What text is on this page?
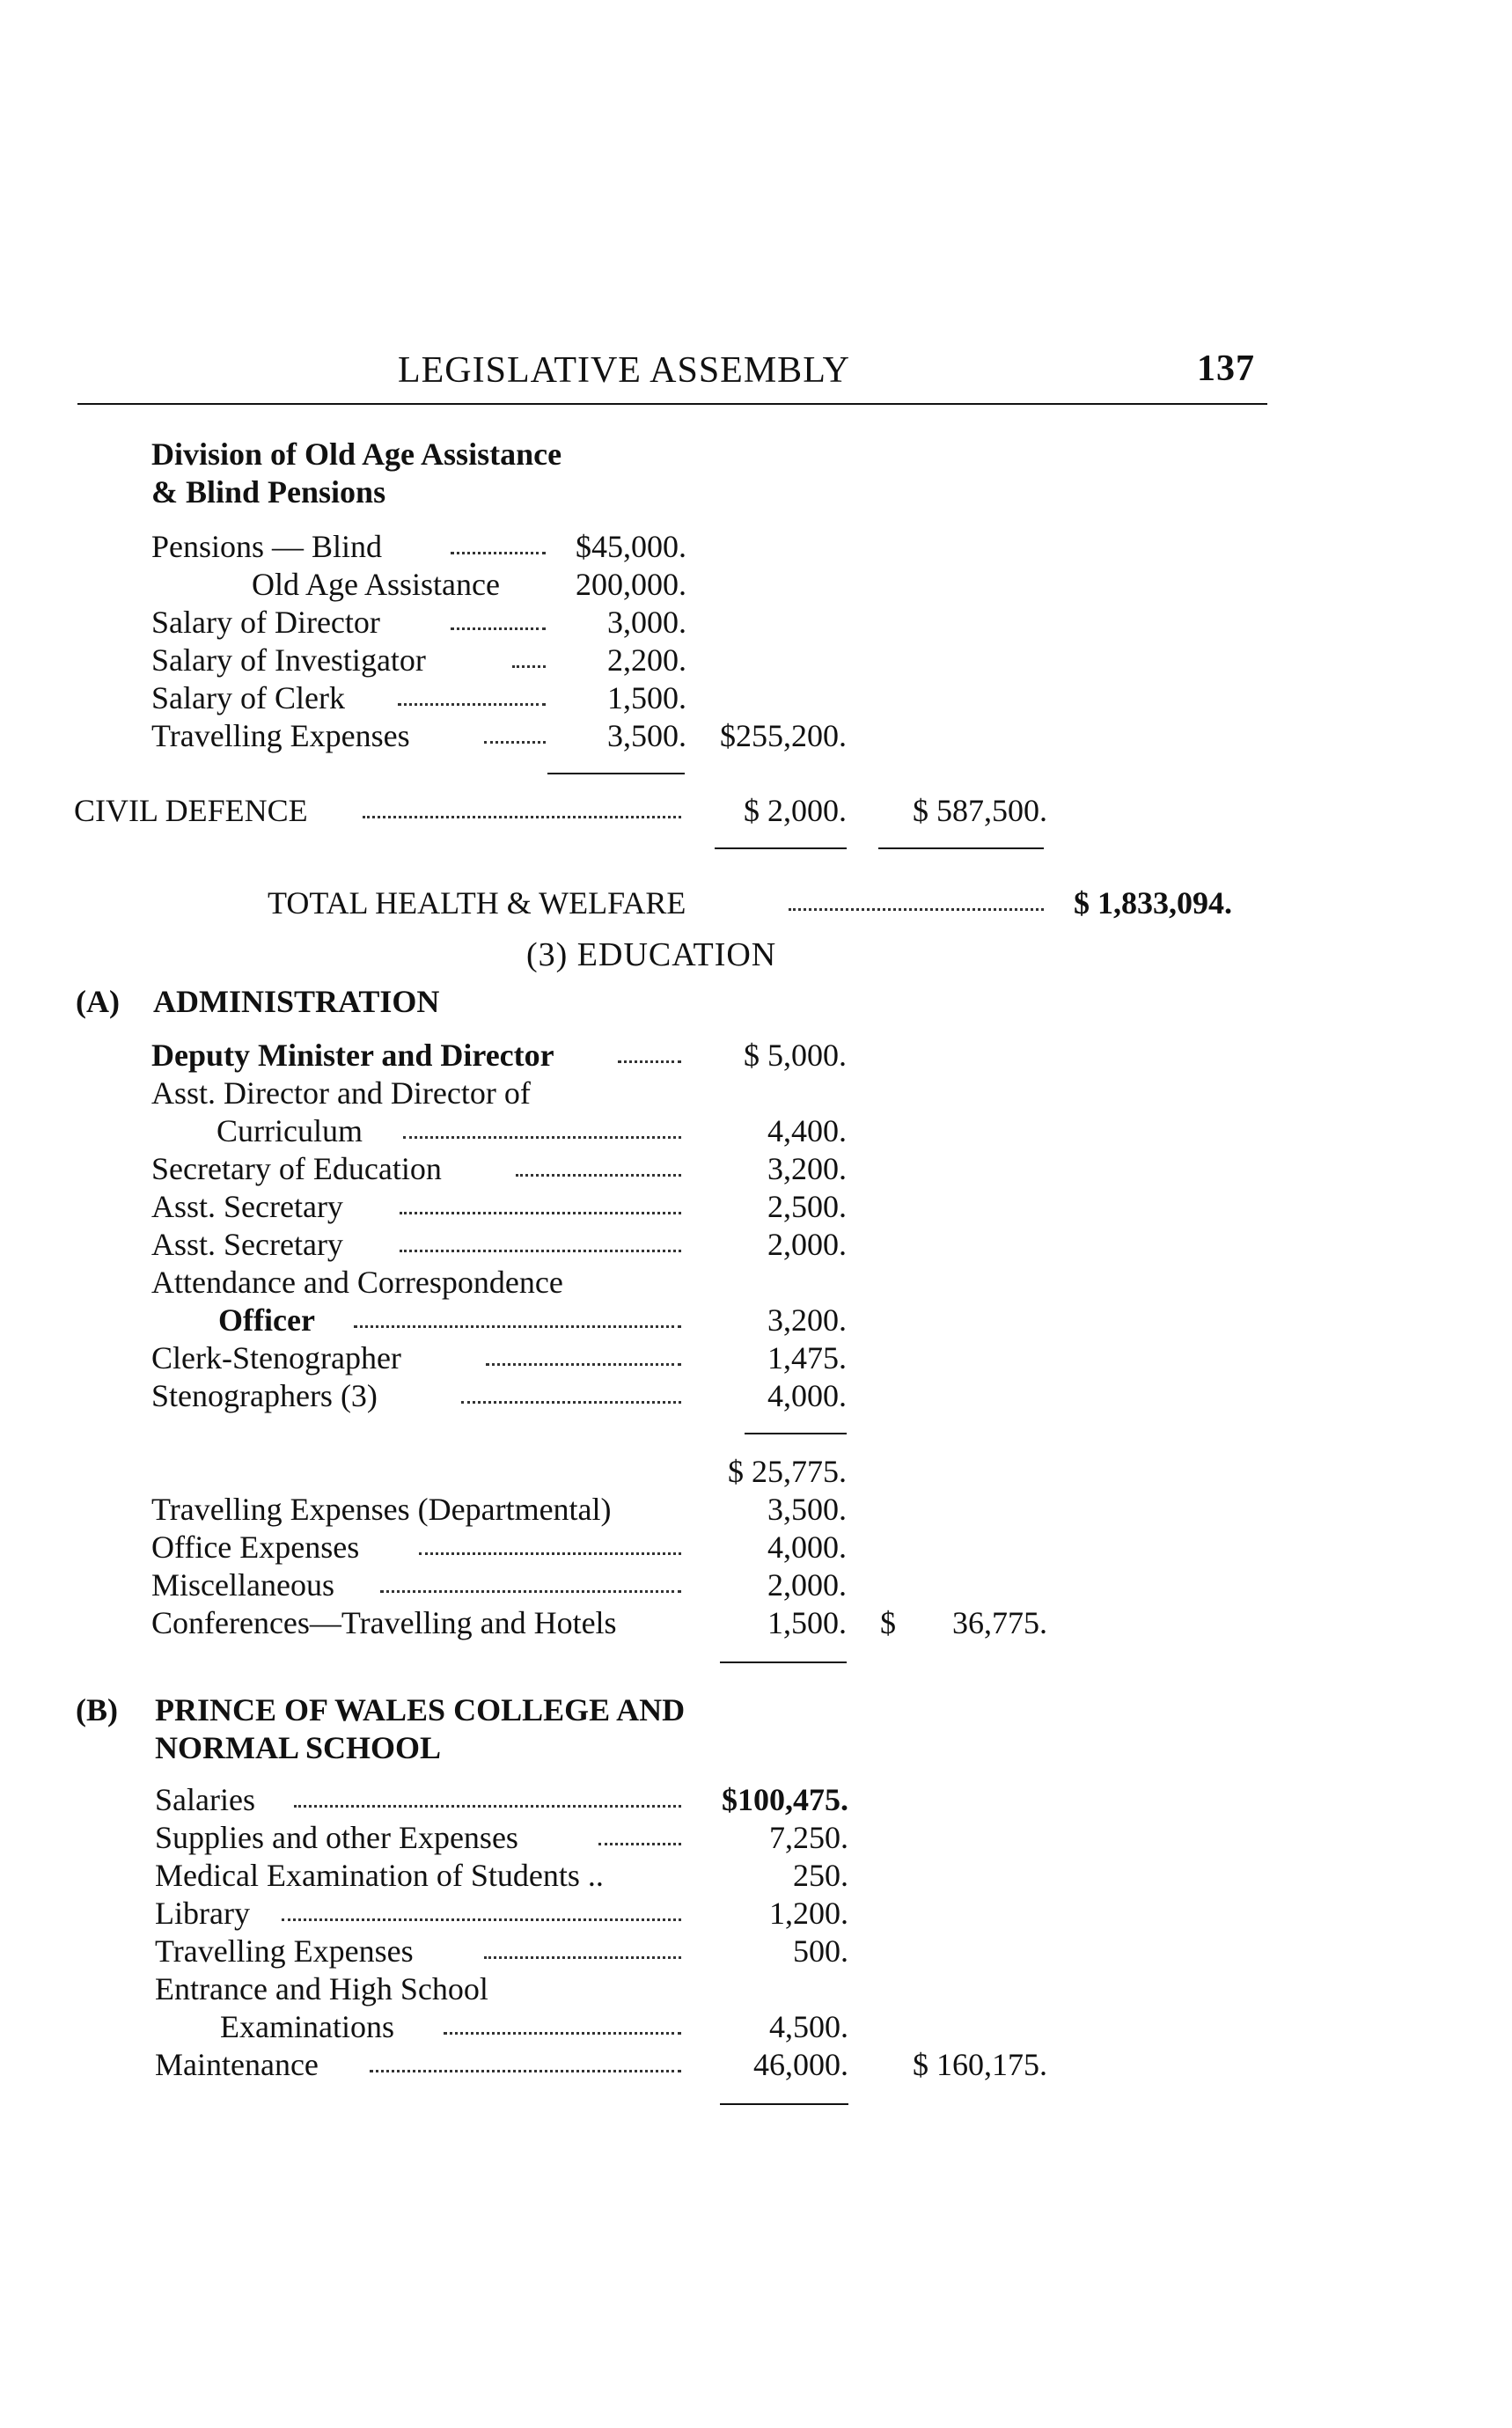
LEGISLATIVE ASSEMBLY	137
Division of Old Age Assistance
& Blind Pensions
Pensions — Blind	$45,000.
Old Age Assistance	200,000.
Salary of Director	3,000.
Salary of Investigator	2,200.
Salary of Clerk	1,500.
Travelling Expenses	3,500.	$255,200.
CIVIL DEFENCE	$ 2,000.	$ 587,500.
TOTAL HEALTH & WELFARE	$ 1,833,094.
(3) EDUCATION
(A) ADMINISTRATION
Deputy Minister and Director	$ 5,000.
Asst. Director and Director of
Curriculum	4,400.
Secretary of Education	3,200.
Asst. Secretary	2,500.
Asst. Secretary	2,000.
Attendance and Correspondence
Officer	3,200.
Clerk-Stenographer	1,475.
Stenographers (3)	4,000.
$ 25,775.
Travelling Expenses (Departmental)	3,500.
Office Expenses	4,000.
Miscellaneous	2,000.
Conferences—Travelling and Hotels	1,500. $	36,775.
(B) PRINCE OF WALES COLLEGE AND
NORMAL SCHOOL
Salaries	$100,475.
Supplies and other Expenses	7,250.
Medical Examination of Students ..	250.
Library	1,200.
Travelling Expenses	500.
Entrance and High School
Examinations	4,500.
Maintenance	46,000.	$ 160,175.
